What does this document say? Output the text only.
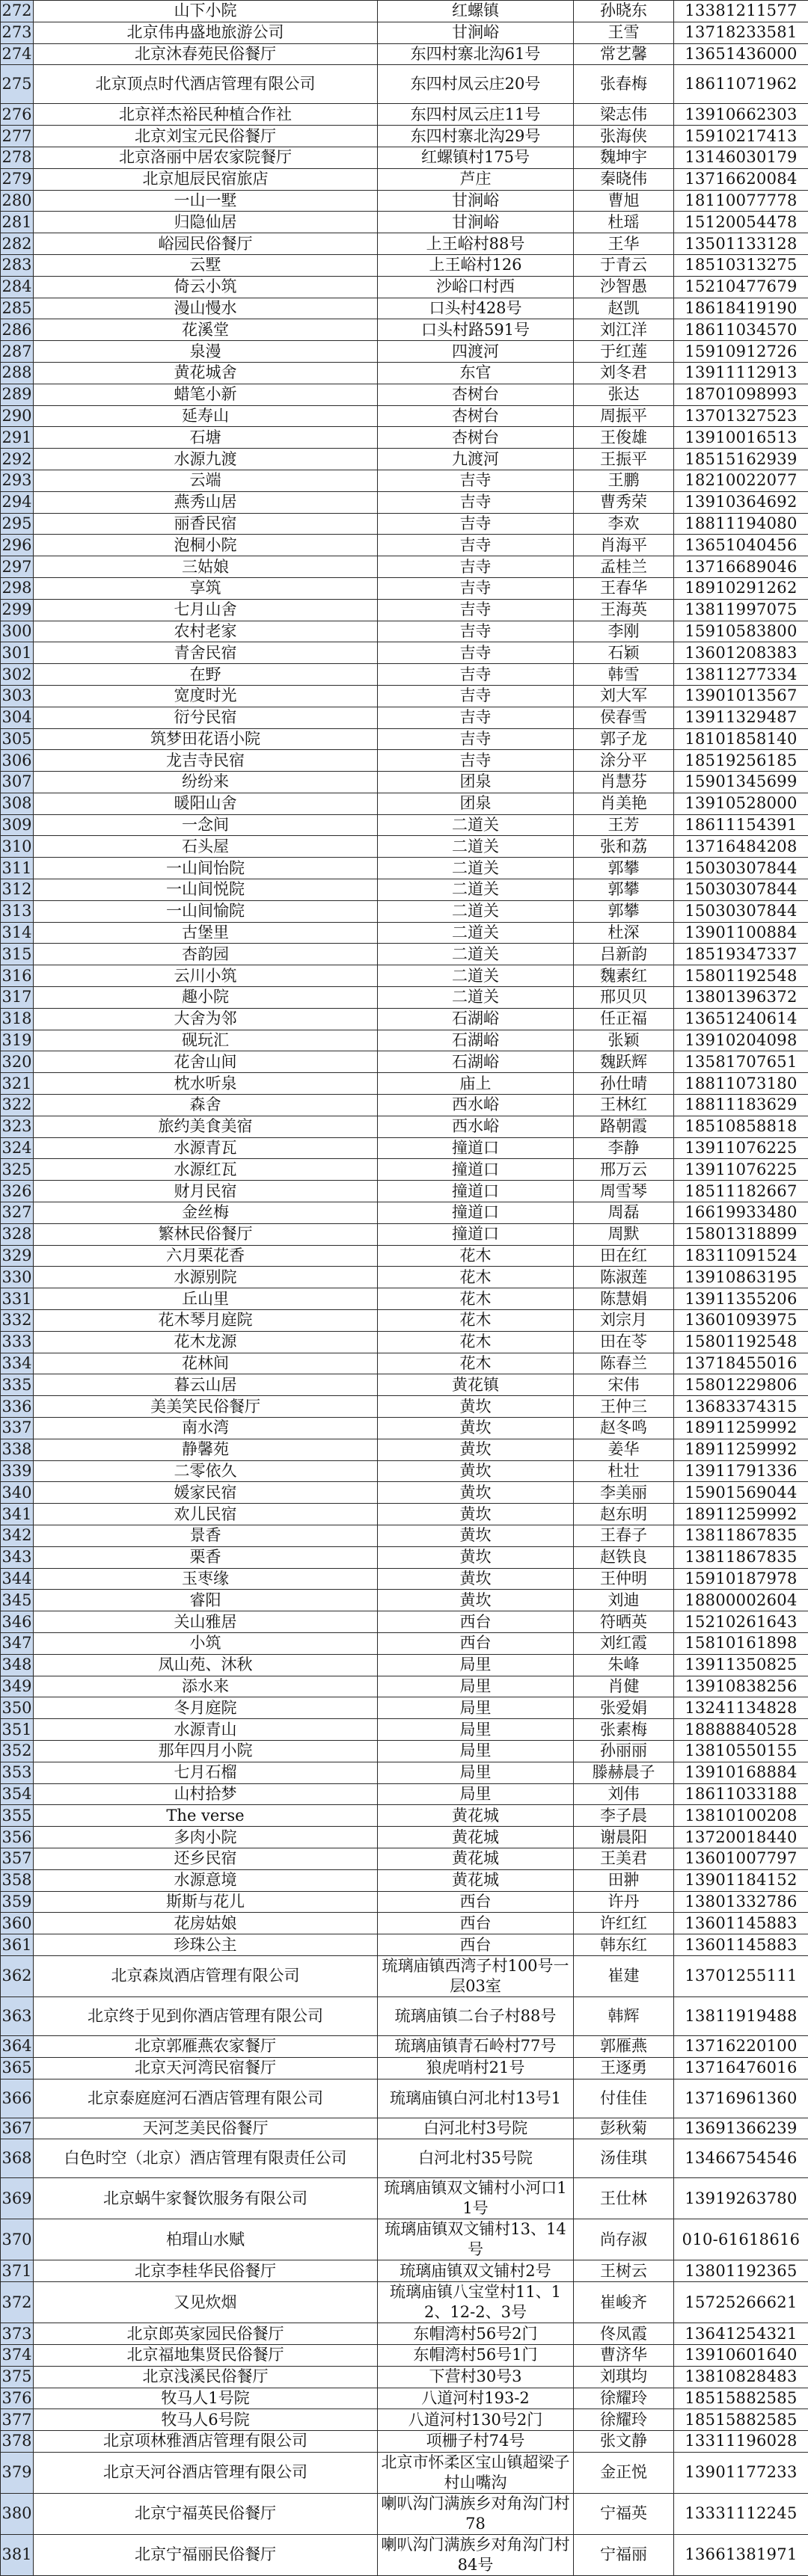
272	山下小院	红螺镇	孙晓东	13381211577
273	北京伟冉盛地旅游公司	甘涧峪	王雪	13718233581
274	北京沐春苑民俗餐厅	东四村寨北沟61号	常艺馨	13651436000
275	北京顶点时代酒店管理有限公司	东四村凤云庄20号	张春梅	18611071962
276	北京祥杰裕民种植合作社	东四村凤云庄11号	梁志伟	13910662303
277	北京刘宝元民俗餐厅	东四村寨北沟29号	张海侠	15910217413
278	北京洛丽中居农家院餐厅	红螺镇村175号	魏坤宇	13146030179
279	北京旭辰民宿旅店	芦庄	秦晓伟	13716620084
280	一山一墅	甘涧峪	曹旭	18110077778
281	归隐仙居	甘涧峪	杜瑶	15120054478
282	峪园民俗餐厅	上王峪村88号	王华	13501133128
283	云墅	上王峪村126	于青云	18510313275
284	倚云小筑	沙峪口村西	沙智愚	15210477679
285	漫山慢水	口头村428号	赵凯	18618419190
286	花溪堂	口头村路591号	刘江洋	18611034570
287	泉漫	四渡河	于红莲	15910912726
288	黄花城舍	东官	刘冬君	13911112913
289	蜡笔小新	杏树台	张达	18701098993
290	延寿山	杏树台	周振平	13701327523
291	石塘	杏树台	王俊雄	13910016513
292	水源九渡	九渡河	王振平	18515162939
293	云端	吉寺	王鹏	18210022077
294	燕秀山居	吉寺	曹秀荣	13910364692
295	丽香民宿	吉寺	李欢	18811194080
296	泡桐小院	吉寺	肖海平	13651040456
297	三姑娘	吉寺	孟桂兰	13716689046
298	享筑	吉寺	王春华	18910291262
299	七月山舍	吉寺	王海英	13811997075
300	农村老家	吉寺	李刚	15910583800
301	青舍民宿	吉寺	石颖	13601208383
302	在野	吉寺	韩雪	13811277334
303	宽度时光	吉寺	刘大军	13901013567
304	衍兮民宿	吉寺	侯春雪	13911329487
305	筑梦田花语小院	吉寺	郭子龙	18101858140
306	龙吉寺民宿	吉寺	涂分平	18519256185
307	纷纷来	团泉	肖慧芬	15901345699
308	暖阳山舍	团泉	肖美艳	13910528000
309	一念间	二道关	王芳	18611154391
310	石头屋	二道关	张和荔	13716484208
311	一山间怡院	二道关	郭攀	15030307844
312	一山间悦院	二道关	郭攀	15030307844
313	一山间愉院	二道关	郭攀	15030307844
314	古堡里	二道关	杜深	13901100884
315	杏韵园	二道关	吕新韵	18519347337
316	云川小筑	二道关	魏素红	15801192548
317	趣小院	二道关	邢贝贝	13801396372
318	大舍为邻	石湖峪	任正福	13651240614
319	砚玩汇	石湖峪	张颖	13910204098
320	花舍山间	石湖峪	魏跃辉	13581707651
321	枕水听泉	庙上	孙仕晴	18811073180
322	森舍	西水峪	王林红	18811183629
323	旅约美食美宿	西水峪	路朝霞	18510858818
324	水源青瓦	撞道口	李静	13911076225
325	水源红瓦	撞道口	邢万云	13911076225
326	财月民宿	撞道口	周雪琴	18511182667
327	金丝梅	撞道口	周磊	16619933480
328	繁林民俗餐厅	撞道口	周默	15801318899
329	六月栗花香	花木	田在红	18311091524
330	水源别院	花木	陈淑莲	13910863195
331	丘山里	花木	陈慧娟	13911355206
332	花木琴月庭院	花木	刘宗月	13601093975
333	花木龙源	花木	田在苓	15801192548
334	花林间	花木	陈春兰	13718455016
335	暮云山居	黄花镇	宋伟	15801229806
336	美美笑民俗餐厅	黄坎	王仲三	13683374315
337	南水湾	黄坎	赵冬鸣	18911259992
338	静馨苑	黄坎	姜华	18911259992
339	二零依久	黄坎	杜壮	13911791336
340	媛家民宿	黄坎	李美丽	15901569044
341	欢儿民宿	黄坎	赵东明	18911259992
342	景香	黄坎	王春子	13811867835
343	栗香	黄坎	赵铁良	13811867835
344	玉枣缘	黄坎	王仲明	15910187978
345	睿阳	黄坎	刘迪	18800002604
346	关山雅居	西台	符晒英	15210261643
347	小筑	西台	刘红霞	15810161898
348	凤山苑、沐秋	局里	朱峰	13911350825
349	添水来	局里	肖健	13910838256
350	冬月庭院	局里	张爱娟	13241134828
351	水源青山	局里	张素梅	18888840528
352	那年四月小院	局里	孙丽丽	13810550155
353	七月石榴	局里	滕赫晨子	13910168884
354	山村拾梦	局里	刘伟	18611033188
355	The verse	黄花城	李子晨	13810100208
356	多肉小院	黄花城	谢晨阳	13720018440
357	还乡民宿	黄花城	王美君	13601007797
358	水源意境	黄花城	田翀	13901184152
359	斯斯与花儿	西台	许丹	13801332786
360	花房姑娘	西台	许红红	13601145883
361	珍珠公主	西台	韩东红	13601145883
362	北京森岚酒店管理有限公司	琉璃庙镇西湾子村100号一层03室	崔建	13701255111
363	北京终于见到你酒店管理有限公司	琉璃庙镇二台子村88号	韩辉	13811919488
364	北京郭雁燕农家餐厅	琉璃庙镇青石岭村77号	郭雁燕	13716220100
365	北京天河湾民宿餐厅	狼虎哨村21号	王逐勇	13716476016
366	北京泰庭庭河石酒店管理有限公司	琉璃庙镇白河北村13号1	付佳佳	13716961360
367	天河芝美民俗餐厅	白河北村3号院	彭秋菊	13691366239
368	白色时空（北京）酒店管理有限责任公司	白河北村35号院	汤佳琪	13466754546
369	北京蜗牛家餐饮服务有限公司	琉璃庙镇双文铺村小河口11号	王仕林	13919263780
370	柏瑁山水赋	琉璃庙镇双文铺村13、14号	尚存淑	010-61618616
371	北京李桂华民俗餐厅	琉璃庙镇双文铺村2号	王树云	13801192365
372	又见炊烟	琉璃庙镇八宝堂村11、12、12-2、3号	崔峻齐	15725266621
373	北京郎英家园民俗餐厅	东帽湾村56号2门	佟凤霞	13641254321
374	北京福地集贤民俗餐厅	东帽湾村56号1门	曹济华	13910601640
375	北京浅溪民俗餐厅	下营村30号3	刘琪均	13810828483
376	牧马人1号院	八道河村193-2	徐耀玲	18515882585
377	牧马人6号院	八道河村130号2门	徐耀玲	18515882585
378	北京项林雅酒店管理有限公司	项栅子村74号	张文静	13311196028
379	北京天河谷酒店管理有限公司	北京市怀柔区宝山镇超梁子村山嘴沟	金正悦	13901177233
380	北京宁福英民俗餐厅	喇叭沟门满族乡对角沟门村78	宁福英	13331112245
381	北京宁福丽民俗餐厅	喇叭沟门满族乡对角沟门村84号	宁福丽	13661381971
